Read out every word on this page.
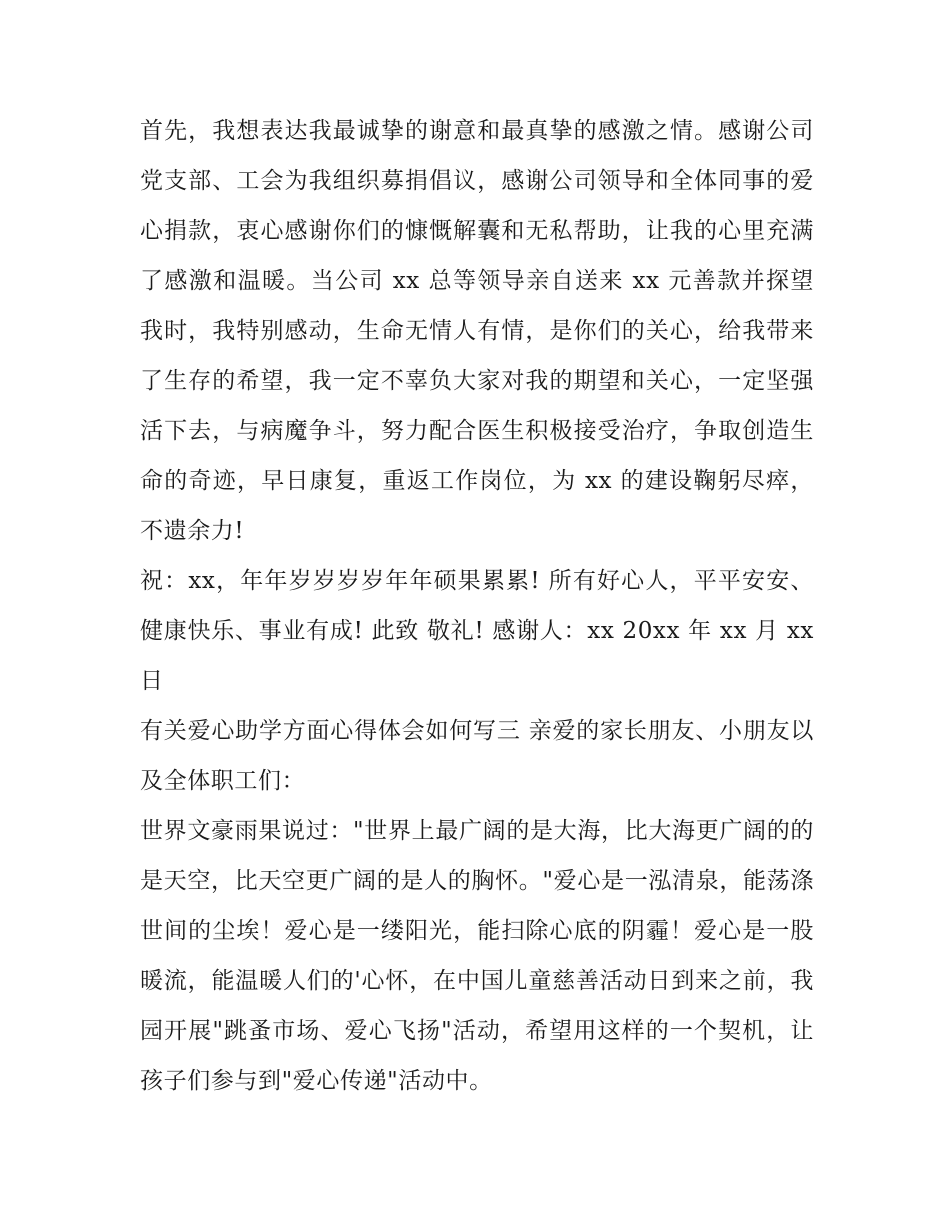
首先，我想表达我最诚挚的谢意和最真挚的感激之情。感谢公司党支部、工会为我组织募捐倡议，感谢公司领导和全体同事的爱心捐款，衷心感谢你们的慷慨解囊和无私帮助，让我的心里充满了感激和温暖。当公司 xx 总等领导亲自送来 xx 元善款并探望我时，我特别感动，生命无情人有情，是你们的关心，给我带来了生存的希望，我一定不辜负大家对我的期望和关心，一定坚强活下去，与病魔争斗，努力配合医生积极接受治疗，争取创造生命的奇迹，早日康复，重返工作岗位，为 xx 的建设鞠躬尽瘁，不遗余力!

祝：xx，年年岁岁岁岁年年硕果累累! 所有好心人，平平安安、健康快乐、事业有成! 此致 敬礼! 感谢人：xx 20xx 年 xx 月 xx 日

有关爱心助学方面心得体会如何写三 亲爱的家长朋友、小朋友以及全体职工们：

世界文豪雨果说过："世界上最广阔的是大海，比大海更广阔的的是天空，比天空更广阔的是人的胸怀。"爱心是一泓清泉，能荡涤世间的尘埃！爱心是一缕阳光，能扫除心底的阴霾！爱心是一股暖流，能温暖人们的'心怀，在中国儿童慈善活动日到来之前，我园开展"跳蚤市场、爱心飞扬"活动，希望用这样的一个契机，让孩子们参与到"爱心传递"活动中。
